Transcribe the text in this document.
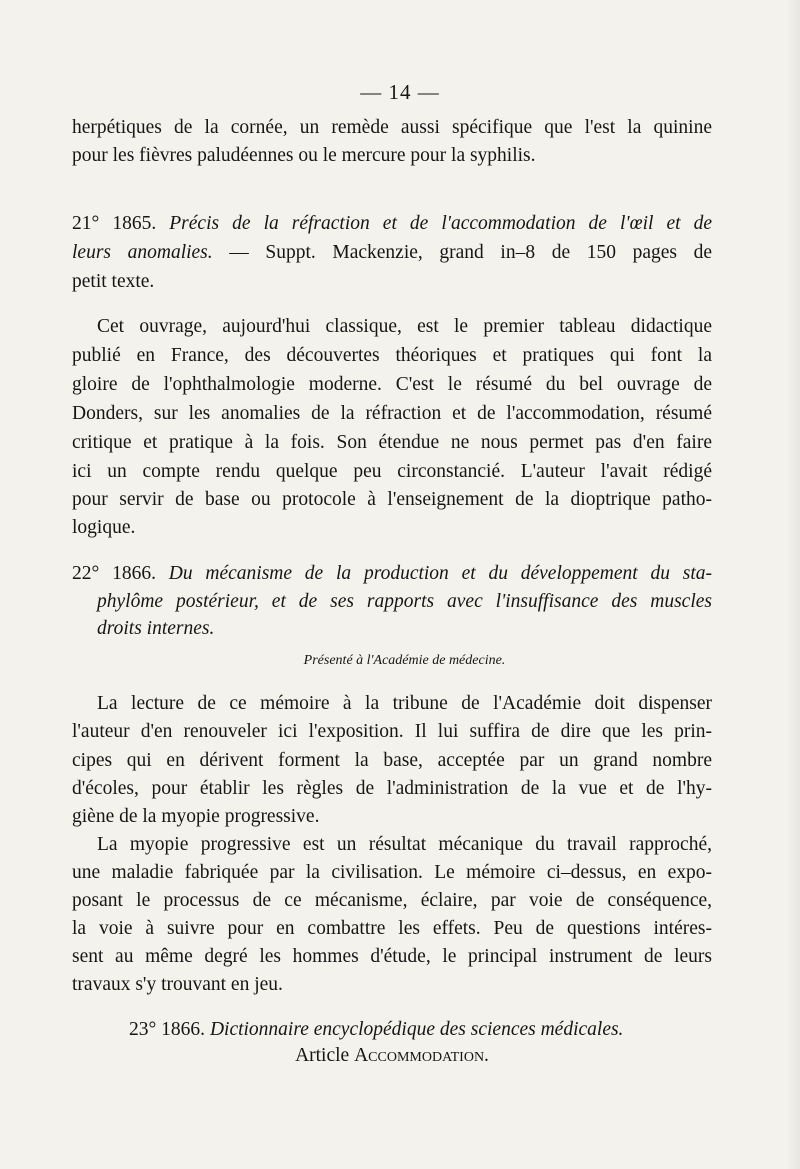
— 14 —
herpétiques de la cornée, un remède aussi spécifique que l'est la quinine
pour les fièvres paludéennes ou le mercure pour la syphilis.
21° 1865. Précis de la réfraction et de l'accommodation de l'œil et de
leurs anomalies. — Suppt. Mackenzie, grand in–8 de 150 pages de
petit texte.
Cet ouvrage, aujourd'hui classique, est le premier tableau didactique
publié en France, des découvertes théoriques et pratiques qui font la
gloire de l'ophthalmologie moderne. C'est le résumé du bel ouvrage de
Donders, sur les anomalies de la réfraction et de l'accommodation, résumé
critique et pratique à la fois. Son étendue ne nous permet pas d'en faire
ici un compte rendu quelque peu circonstancié. L'auteur l'avait rédigé
pour servir de base ou protocole à l'enseignement de la dioptrique patho-
logique.
22° 1866. Du mécanisme de la production et du développement du sta-
phylôme postérieur, et de ses rapports avec l'insuffisance des muscles
droits internes.
Présenté à l'Académie de médecine.
La lecture de ce mémoire à la tribune de l'Académie doit dispenser
l'auteur d'en renouveler ici l'exposition. Il lui suffira de dire que les prin-
cipes qui en dérivent forment la base, acceptée par un grand nombre
d'écoles, pour établir les règles de l'administration de la vue et de l'hy-
giène de la myopie progressive.
La myopie progressive est un résultat mécanique du travail rapproché,
une maladie fabriquée par la civilisation. Le mémoire ci–dessus, en expo-
posant le processus de ce mécanisme, éclaire, par voie de conséquence,
la voie à suivre pour en combattre les effets. Peu de questions intéres-
sent au même degré les hommes d'étude, le principal instrument de leurs
travaux s'y trouvant en jeu.
23° 1866. Dictionnaire encyclopédique des sciences médicales.
Article Accommodation.
